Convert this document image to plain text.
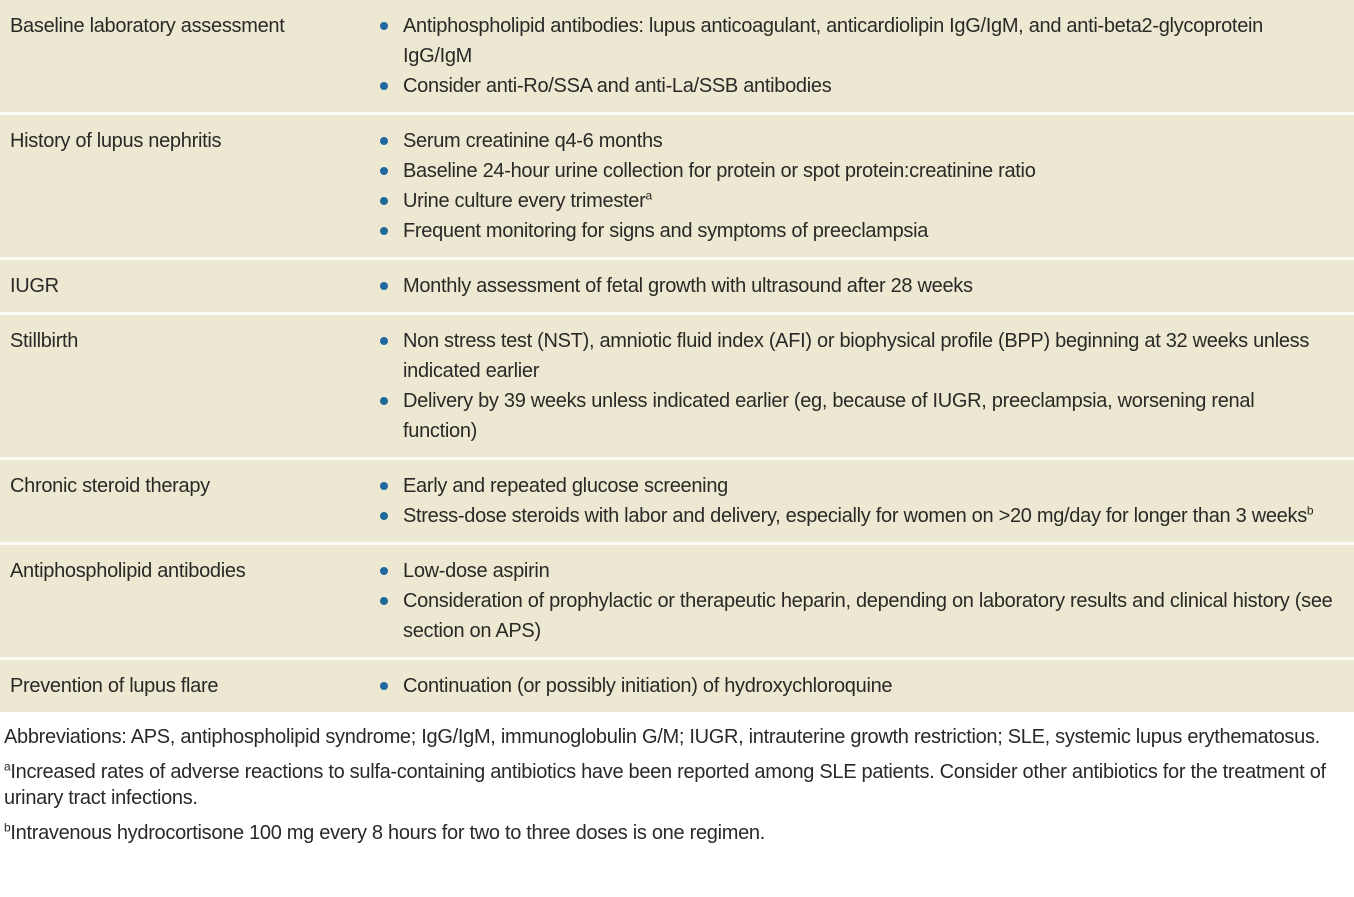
Baseline laboratory assessment	Antiphospholipid antibodies: lupus anticoagulant, anticardiolipin IgG/IgM, and anti-beta2-glycoprotein IgG/IgM
Consider anti-Ro/SSA and anti-La/SSB antibodies
History of lupus nephritis	Serum creatinine q4-6 months
Baseline 24-hour urine collection for protein or spot protein:creatinine ratio
Urine culture every trimester$^a$
Frequent monitoring for signs and symptoms of preeclampsia
IUGR	Monthly assessment of fetal growth with ultrasound after 28 weeks
Stillbirth	Non stress test (NST), amniotic fluid index (AFI) or biophysical profile (BPP) beginning at 32 weeks unless indicated earlier
Delivery by 39 weeks unless indicated earlier (eg, because of IUGR, preeclampsia, worsening renal function)
Chronic steroid therapy	Early and repeated glucose screening
Stress-dose steroids with labor and delivery, especially for women on >20 mg/day for longer than 3 weeks$^b$
Antiphospholipid antibodies	Low-dose aspirin
Consideration of prophylactic or therapeutic heparin, depending on laboratory results and clinical history (see section on APS)
Prevention of lupus flare	Continuation (or possibly initiation) of hydroxychloroquine

Abbreviations: APS, antiphospholipid syndrome; IgG/IgM, immunoglobulin G/M; IUGR, intrauterine growth restriction; SLE, systemic lupus erythematosus.

$^a$Increased rates of adverse reactions to sulfa-containing antibiotics have been reported among SLE patients. Consider other antibiotics for the treatment of urinary tract infections.

$^b$Intravenous hydrocortisone 100 mg every 8 hours for two to three doses is one regimen.
